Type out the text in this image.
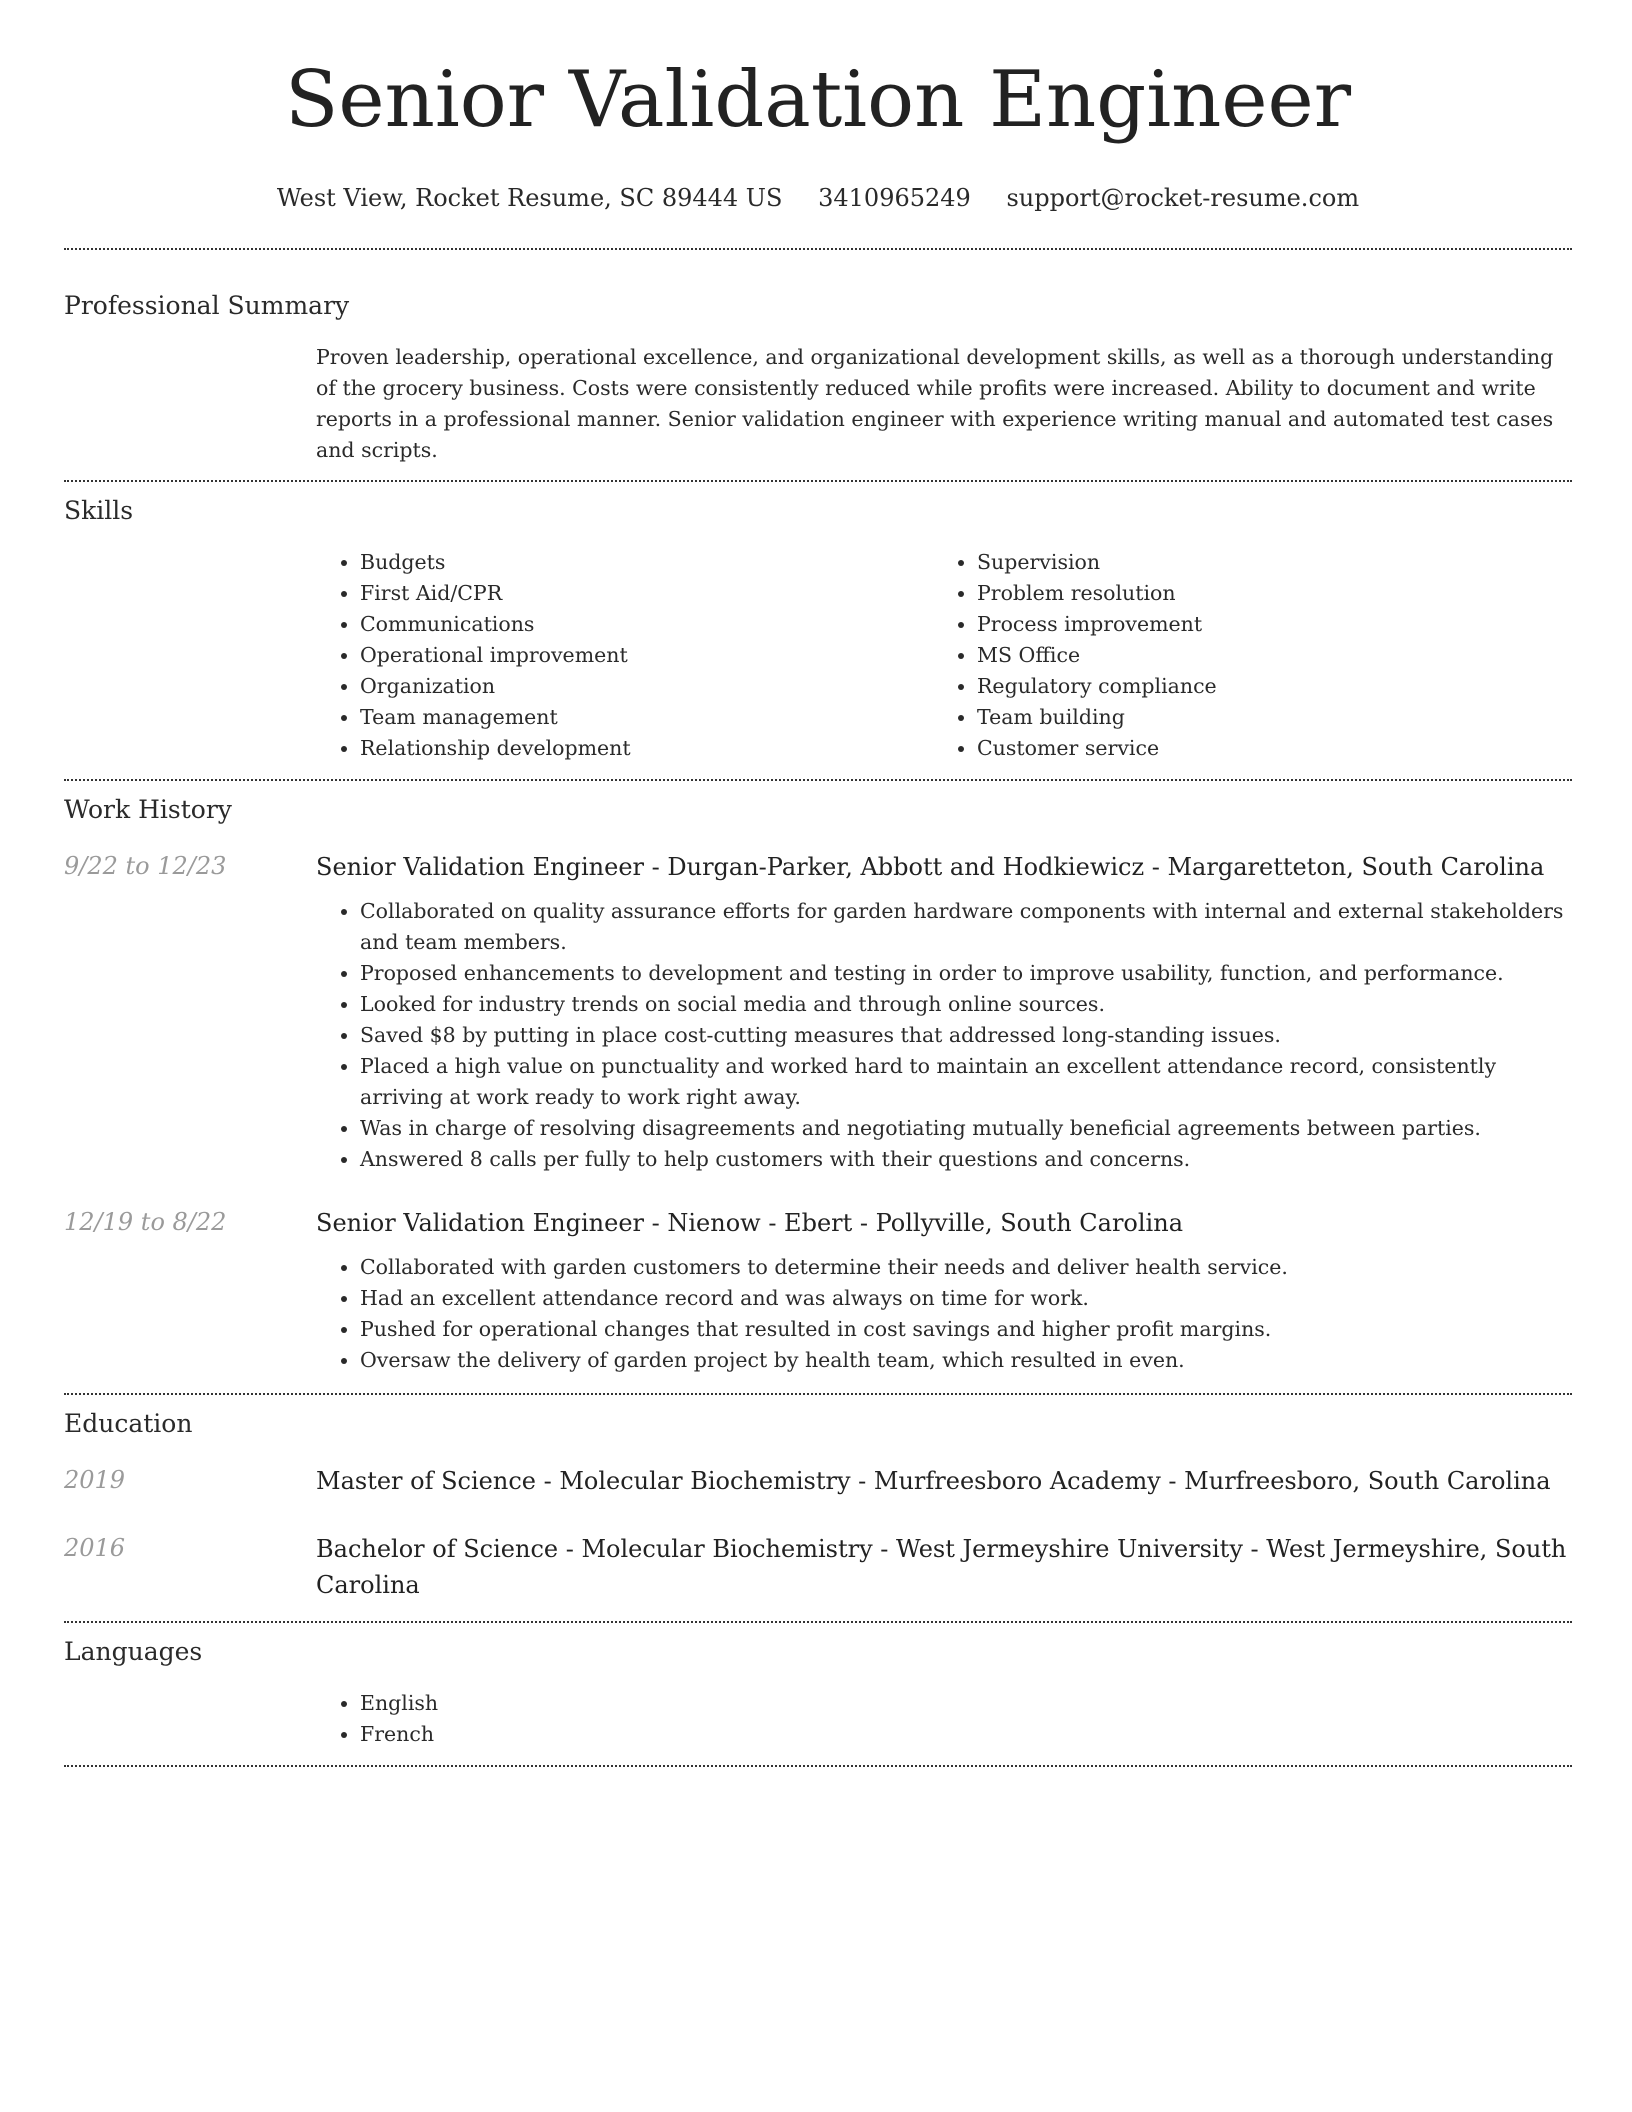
Senior Validation Engineer
West View, Rocket Resume, SC 89444 US 3410965249 support@rocket-resume.com
Professional Summary

Proven leadership, operational excellence, and organizational development skills, as well as a thorough understanding of the grocery business. Costs were consistently reduced while profits were increased. Ability to document and write reports in a professional manner. Senior validation engineer with experience writing manual and automated test cases and scripts.

Skills
• Budgets
• First Aid/CPR
• Communications
• Operational improvement
• Organization
• Team management
• Relationship development
• Supervision
• Problem resolution
• Process improvement
• MS Office
• Regulatory compliance
• Team building
• Customer service
Work History
9/22 to 12/23	Senior Validation Engineer - Durgan-Parker, Abbott and Hodkiewicz - Margaretteton, South Carolina

• Collaborated on quality assurance efforts for garden hardware components with internal and external stakeholders and team members.
• Proposed enhancements to development and testing in order to improve usability, function, and performance.
• Looked for industry trends on social media and through online sources.
• Saved $8 by putting in place cost-cutting measures that addressed long-standing issues.
• Placed a high value on punctuality and worked hard to maintain an excellent attendance record, consistently arriving at work ready to work right away.
• Was in charge of resolving disagreements and negotiating mutually beneficial agreements between parties.
• Answered 8 calls per fully to help customers with their questions and concerns.
12/19 to 8/22	Senior Validation Engineer - Nienow - Ebert - Pollyville, South Carolina

• Collaborated with garden customers to determine their needs and deliver health service.
• Had an excellent attendance record and was always on time for work.
• Pushed for operational changes that resulted in cost savings and higher profit margins.
• Oversaw the delivery of garden project by health team, which resulted in even.
Education
2019	Master of Science - Molecular Biochemistry - Murfreesboro Academy - Murfreesboro, South Carolina

2016	Bachelor of Science - Molecular Biochemistry - West Jermeyshire University - West Jermeyshire, South Carolina

Languages
• English
• French
